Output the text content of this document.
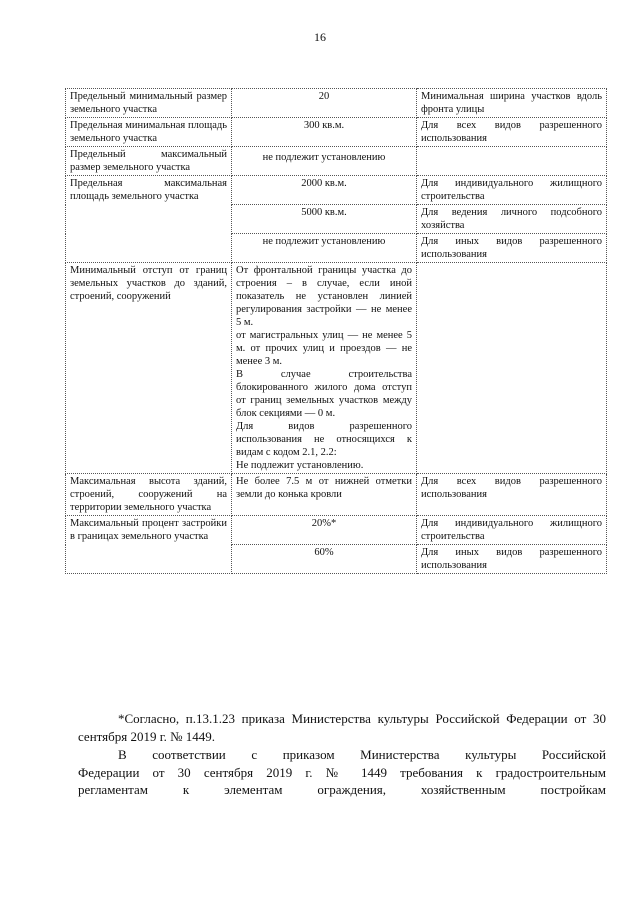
16
Предельный минимальный размер земельного участка	20	Минимальная ширина участков вдоль фронта улицы
Предельная минимальная площадь земельного участка	300 кв.м.	Для всех видов разрешенного использования
Предельный максимальный размер земельного участка	не подлежит установлению	
Предельная максимальная площадь земельного участка	2000 кв.м.	Для индивидуального жилищного строительства
	5000 кв.м.	Для ведения личного подсобного хозяйства
	не подлежит установлению	Для иных видов разрешенного использования
Минимальный отступ от границ земельных участков до зданий, строений, сооружений	От фронтальной границы участка до строения – в случае, если иной показатель не установлен линией регулирования застройки — не менее 5 м.
от магистральных улиц — не менее 5 м. от прочих улиц и проездов — не менее 3 м.
В случае строительства блокированного жилого дома отступ от границ земельных участков между блок секциями — 0 м.
Для видов разрешенного использования не относящихся к видам с кодом 2.1, 2.2:
Не подлежит установлению.	

Максимальная высота зданий, строений, сооружений на территории земельного участка	Не более 7.5 м от нижней отметки земли до конька кровли	Для всех видов разрешенного использования
Максимальный процент застройки в границах земельного участка	20%*	Для индивидуального жилищного строительства
	60%	Для иных видов разрешенного использования
*Согласно, п.13.1.23 приказа Министерства культуры Российской Федерации от 30 сентября 2019 г. № 1449.
В соответствии с приказом Министерства культуры Российской
Федерации от 30 сентября 2019 г. № 1449 требования к градостроительным
регламентам к элементам ограждения, хозяйственным постройкам
